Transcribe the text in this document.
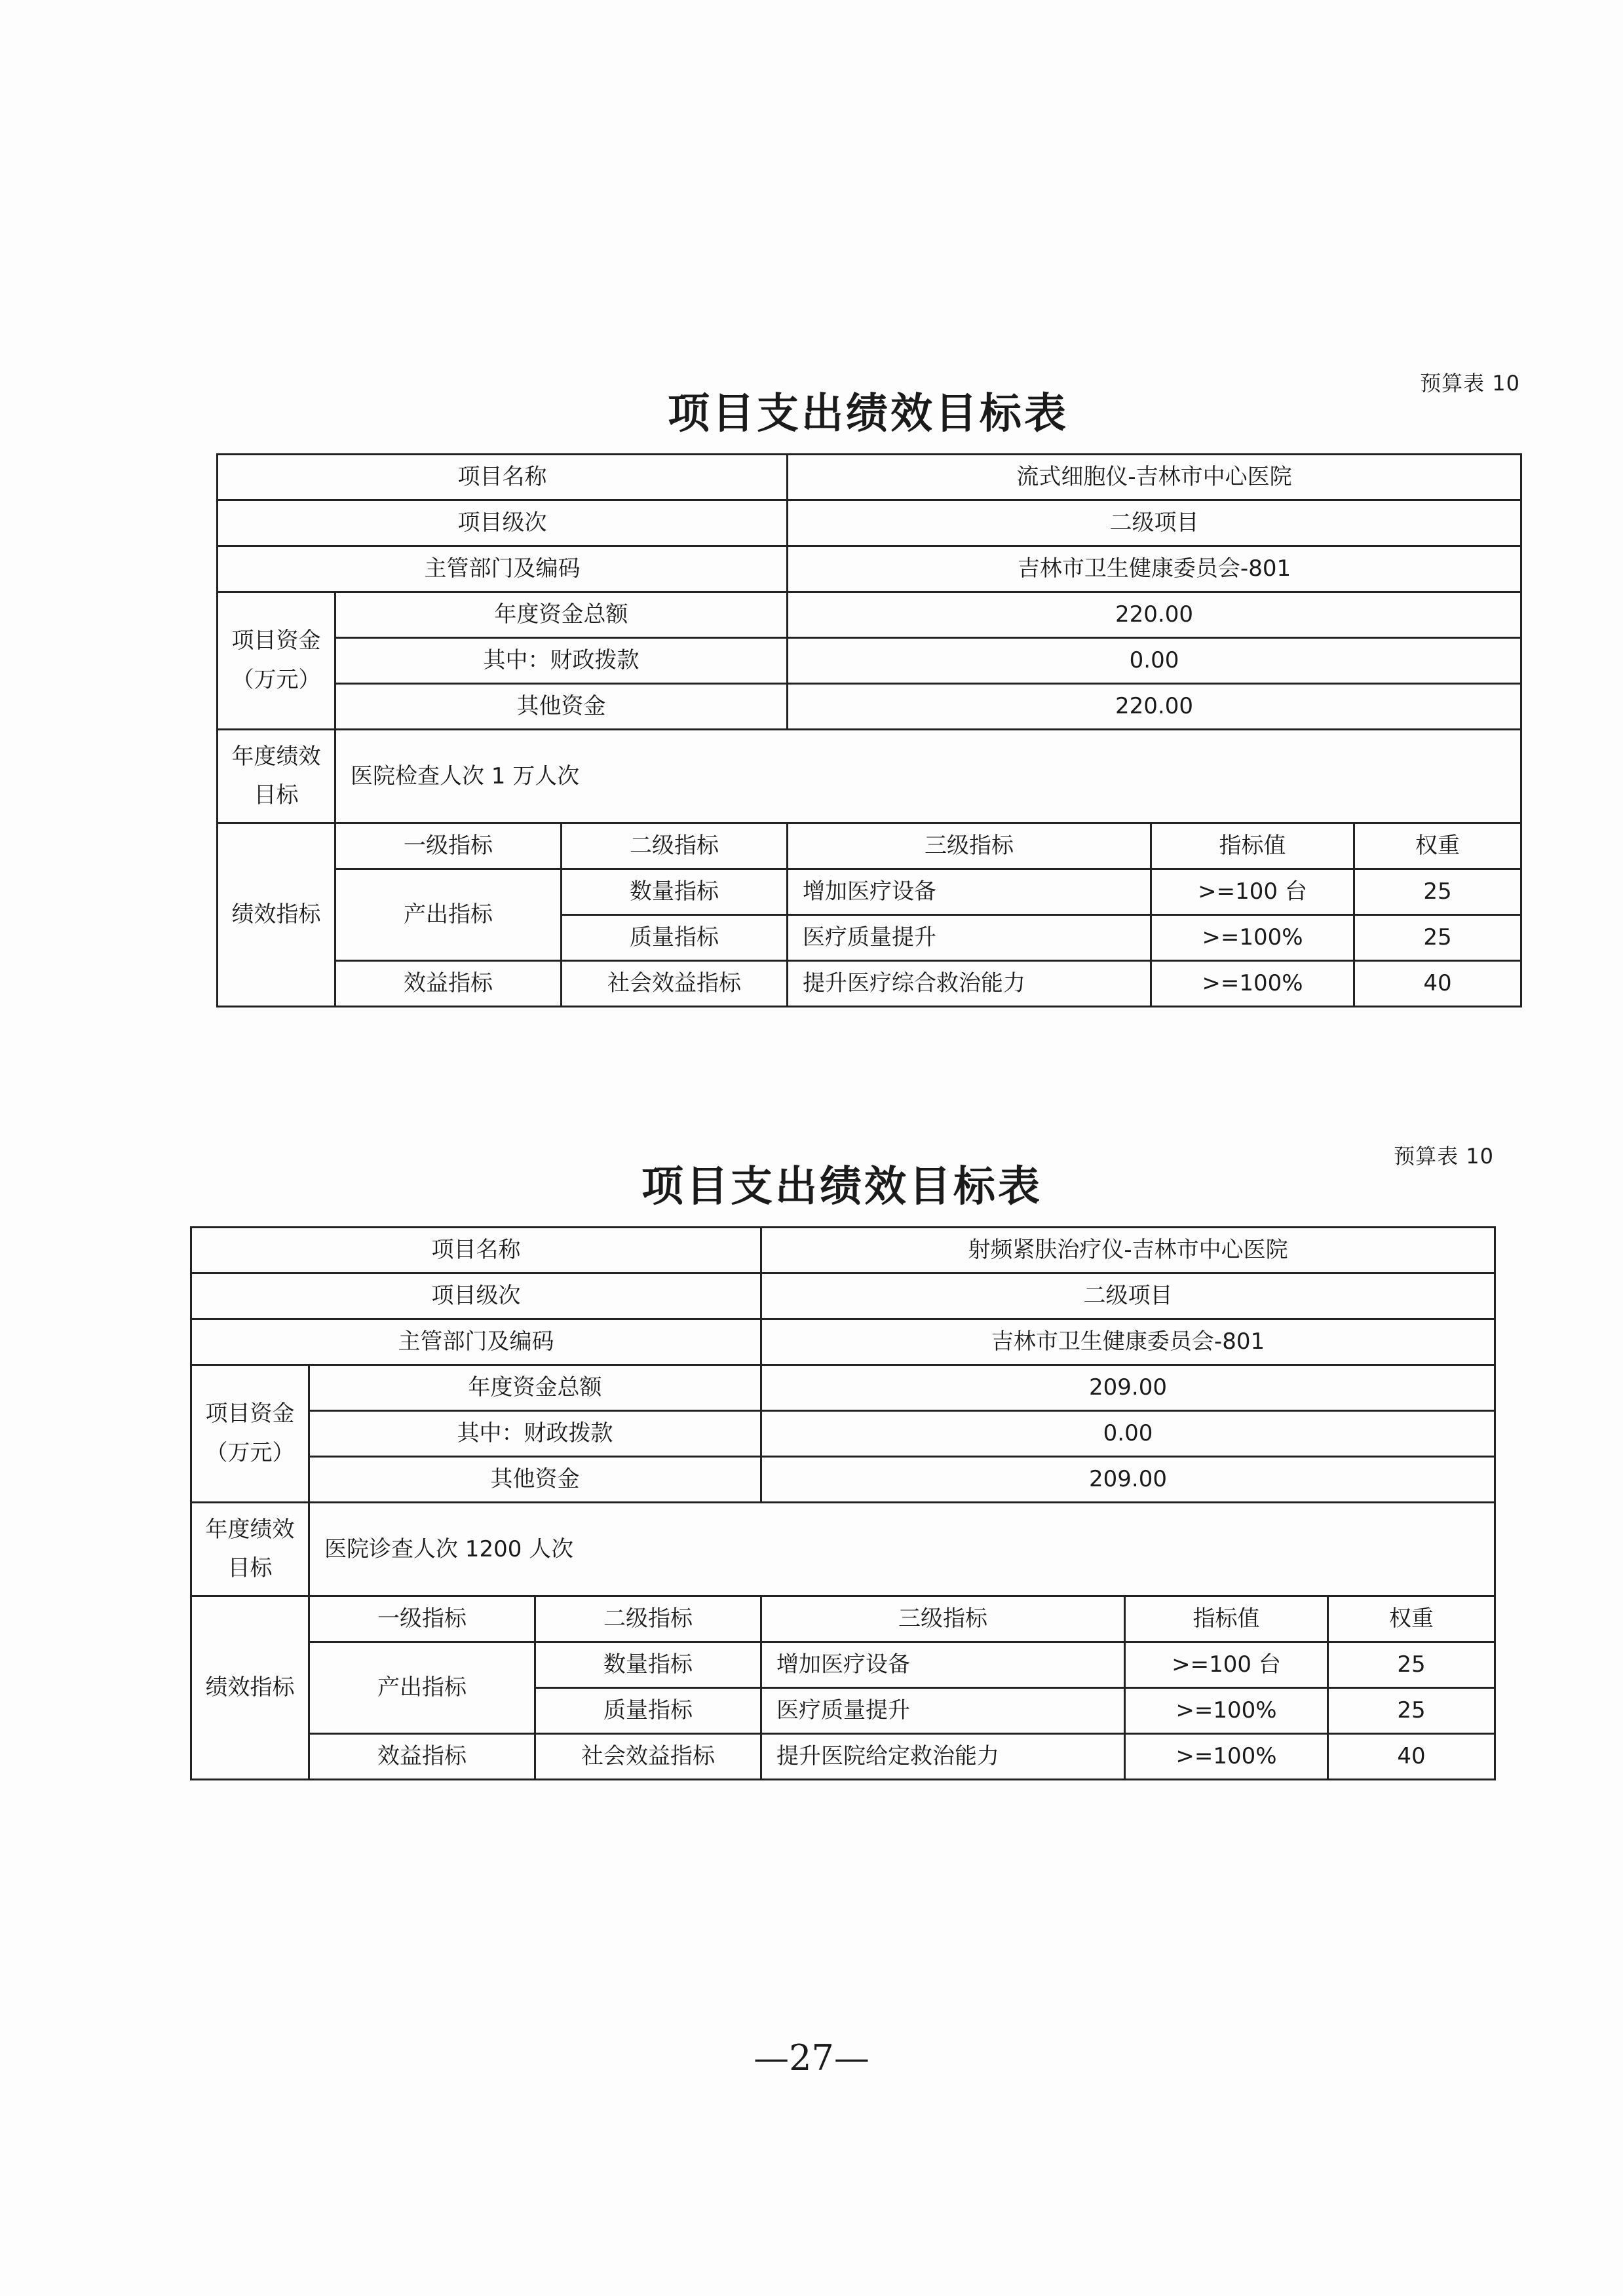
预算表 10
项目支出绩效目标表
项目名称			流式细胞仪-吉林市中心医院		
项目级次			二级项目		
主管部门及编码			吉林市卫生健康委员会-801		
项目资金（万元）	年度资金总额		220.00		
	其中：财政拨款		0.00		
	其他资金		220.00		
年度绩效目标	医院检查人次 1 万人次				
绩效指标	一级指标	二级指标	三级指标	指标值	权重
	产出指标	数量指标	增加医疗设备	>=100 台	25
		质量指标	医疗质量提升	>=100%	25
	效益指标	社会效益指标	提升医疗综合救治能力	>=100%	40
预算表 10
项目支出绩效目标表
项目名称			射频紧肤治疗仪-吉林市中心医院		
项目级次			二级项目		
主管部门及编码			吉林市卫生健康委员会-801		
项目资金（万元）	年度资金总额		209.00		
	其中：财政拨款		0.00		
	其他资金		209.00		
年度绩效目标	医院诊查人次 1200 人次				
绩效指标	一级指标	二级指标	三级指标	指标值	权重
	产出指标	数量指标	增加医疗设备	>=100 台	25
		质量指标	医疗质量提升	>=100%	25
	效益指标	社会效益指标	提升医院给定救治能力	>=100%	40
—27—
